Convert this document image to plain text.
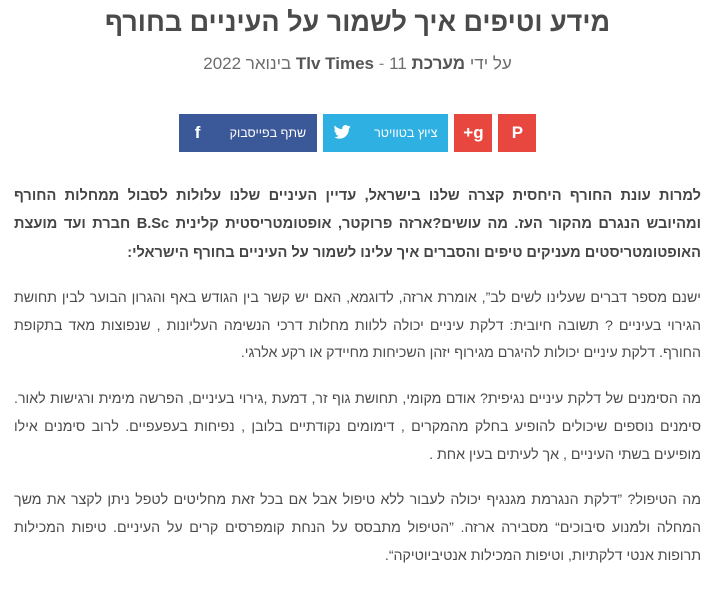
מידע וטיפים איך לשמור על העיניים בחורף
על ידי מערכת Tlv Times - 11 בינואר 2022
f	שתף בפייסבוק	ציוץ בטוויטר	g+	P

למרות עונת החורף היחסית קצרה שלנו בישראל, עדיין העיניים שלנו עלולות לסבול ממחלות החורף ומהיובש הנגרם מהקור העז. מה עושים?ארזה פרוקטר, אופטומטריסטית קלינית B.Sc חברת ועד מועצת האופטומטריסטים מעניקים טיפים והסברים איך עלינו לשמור על העיניים בחורף הישראלי:

ישנם מספר דברים שעלינו לשים לב”, אומרת ארזה, לדוגמא, האם יש קשר בין הגודש באף והגרון הבוער לבין תחושת הגירוי בעיניים ? תשובה חיובית: דלקת עיניים יכולה ללוות מחלות דרכי הנשימה העליונות , שנפוצות מאד בתקופת החורף. דלקת עיניים יכולות להיגרם מגירוף יזהן השכיחות מחיידק או רקע אלרגי.

מה הסימנים של דלקת עיניים נגיפית? אודם מקומי, תחושת גוף זר, דמעת ,גירוי בעיניים, הפרשה מימית ורגישות לאור. סימנים נוספים שיכולים להופיע בחלק מהמקרים , דימומים נקודתיים בלובן , נפיחות בעפעפיים. לרוב סימנים אילו מופיעים בשתי העיניים , אך לעיתים בעין אחת .

מה הטיפול? ”דלקת הנגרמת מגנגיף יכולה לעבור ללא טיפול אבל אם בכל זאת מחליטים לטפל ניתן לקצר את משך המחלה ולמנוע סיבוכים“ מסבירה ארזה. ”הטיפול מתבסס על הנחת קומפרסים קרים על העיניים. טיפות המכילות תרופות אנטי דלקתיות, וטיפות המכילות אנטיביוטיקה“.
